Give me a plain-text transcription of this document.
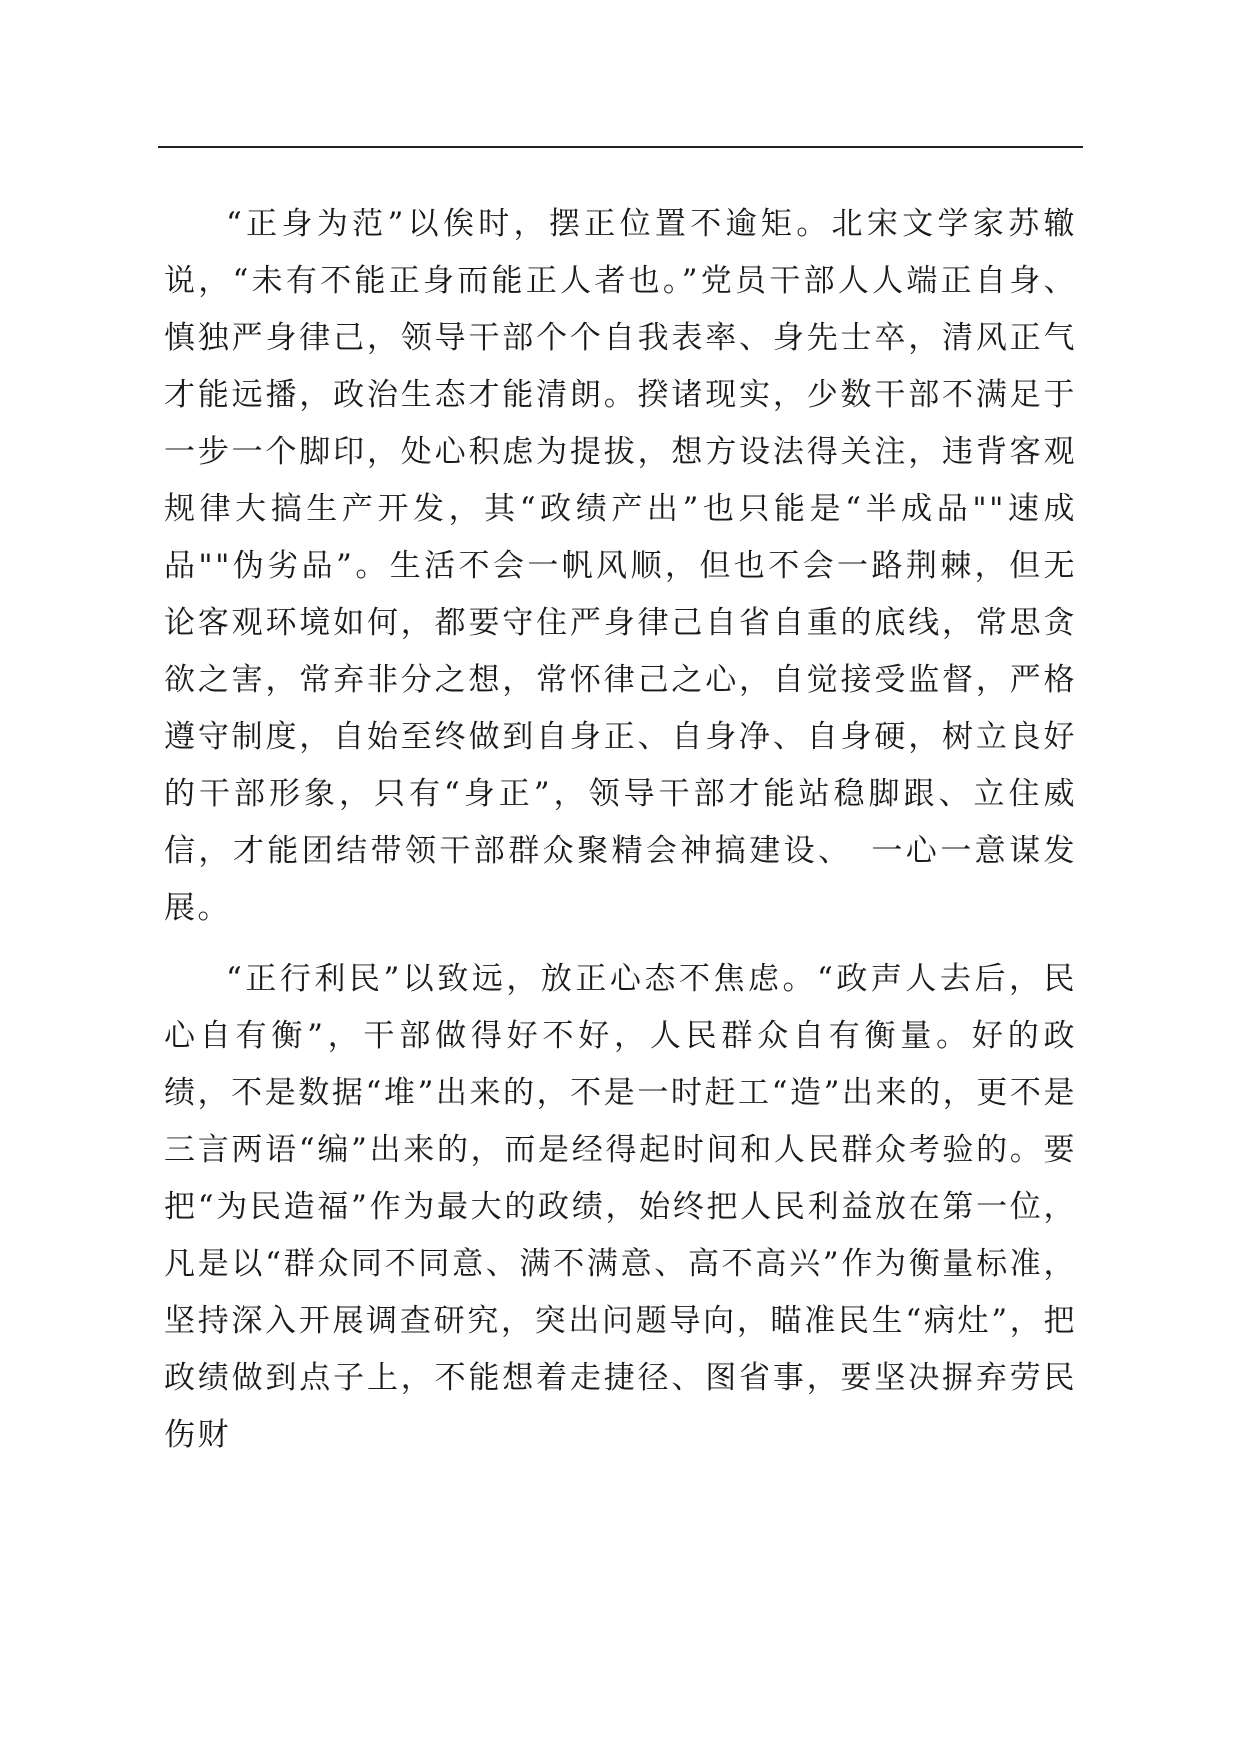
“正身为范”以俟时，摆正位置不逾矩。北宋文学家苏辙说，“未有不能正身而能正人者也。”党员干部人人端正自身、慎独严身律己，领导干部个个自我表率、身先士卒，清风正气才能远播，政治生态才能清朗。揆诸现实，少数干部不满足于一步一个脚印，处心积虑为提拔，想方设法得关注，违背客观规律大搞生产开发，其“政绩产出”也只能是“半成品""速成品""伪劣品”。生活不会一帆风顺，但也不会一路荆棘，但无论客观环境如何，都要守住严身律己自省自重的底线，常思贪欲之害，常弃非分之想，常怀律己之心，自觉接受监督，严格遵守制度，自始至终做到自身正、自身净、自身硬，树立良好的干部形象，只有“身正”，领导干部才能站稳脚跟、立住威信，才能团结带领干部群众聚精会神搞建设、　一心一意谋发展。

“正行利民”以致远，放正心态不焦虑。“政声人去后，民心自有衡”，干部做得好不好，人民群众自有衡量。好的政绩，不是数据“堆”出来的，不是一时赶工“造”出来的，更不是三言两语“编”出来的，而是经得起时间和人民群众考验的。要把“为民造福”作为最大的政绩，始终把人民利益放在第一位，凡是以“群众同不同意、满不满意、高不高兴”作为衡量标准，坚持深入开展调查研究，突出问题导向，瞄准民生“病灶”，把政绩做到点子上，不能想着走捷径、图省事，要坚决摒弃劳民伤财
